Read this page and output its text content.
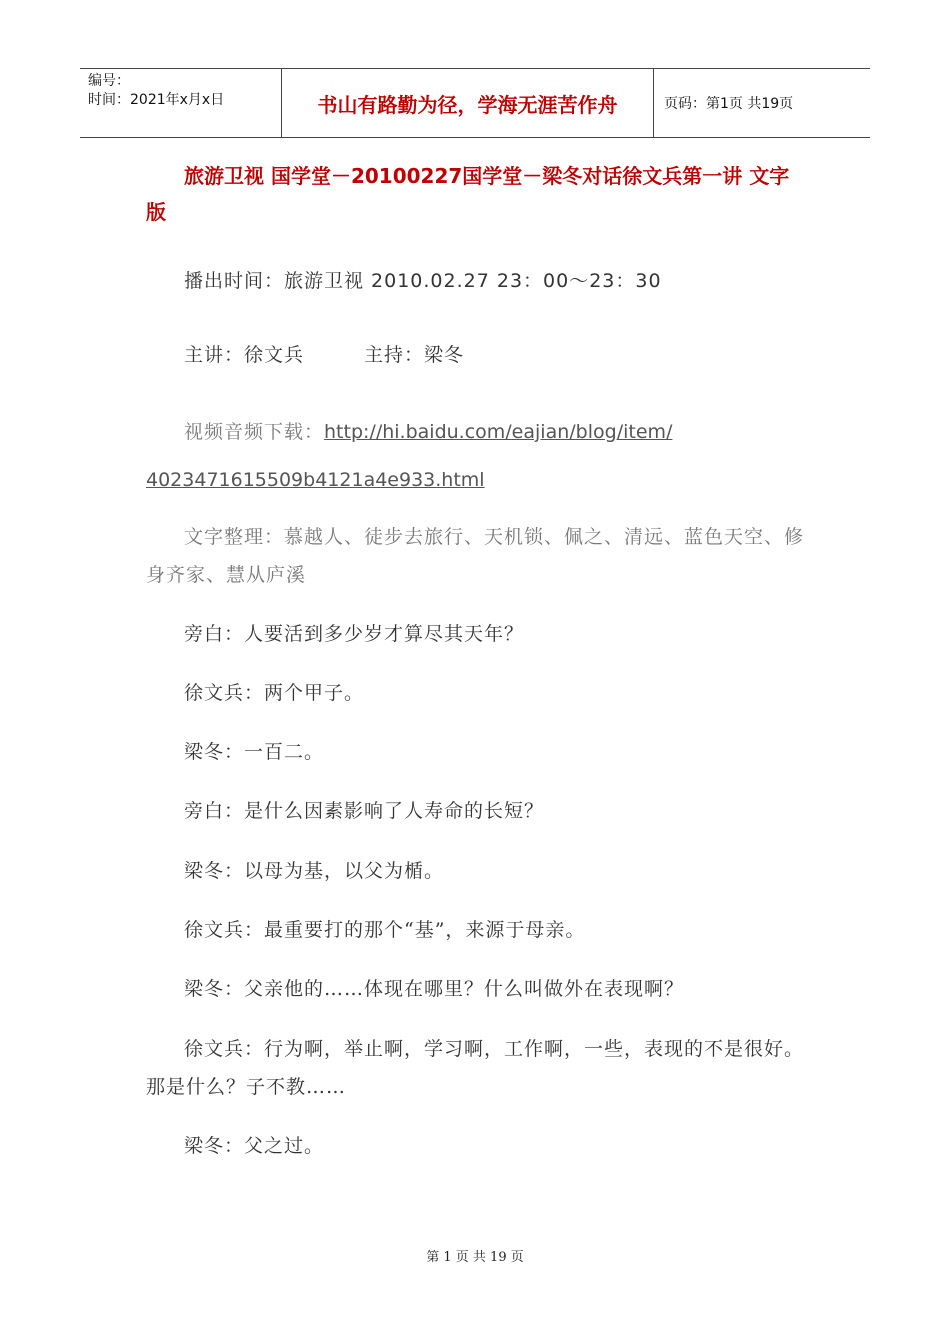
编号：
时间：2021年x月x日	书山有路勤为径，学海无涯苦作舟	页码：第1页 共19页
旅游卫视 国学堂－20100227国学堂－梁冬对话徐文兵第一讲 文字版
播出时间：旅游卫视 2010.02.27 23：00～23：30
主讲：徐文兵	主持：梁冬
视频音频下载：http://hi.baidu.com/eajian/blog/item/
4023471615509b4121a4e933.html
文字整理：慕越人、徒步去旅行、天机锁、佩之、清远、蓝色天空、修身齐家、慧从庐溪
旁白：人要活到多少岁才算尽其天年？
徐文兵：两个甲子。
梁冬：一百二。
旁白：是什么因素影响了人寿命的长短？
梁冬：以母为基，以父为楯。
徐文兵：最重要打的那个“基”，来源于母亲。
梁冬：父亲他的……体现在哪里？什么叫做外在表现啊？
徐文兵：行为啊，举止啊，学习啊，工作啊，一些，表现的不是很好。那是什么？子不教……
梁冬：父之过。
第 1 页 共 19 页
